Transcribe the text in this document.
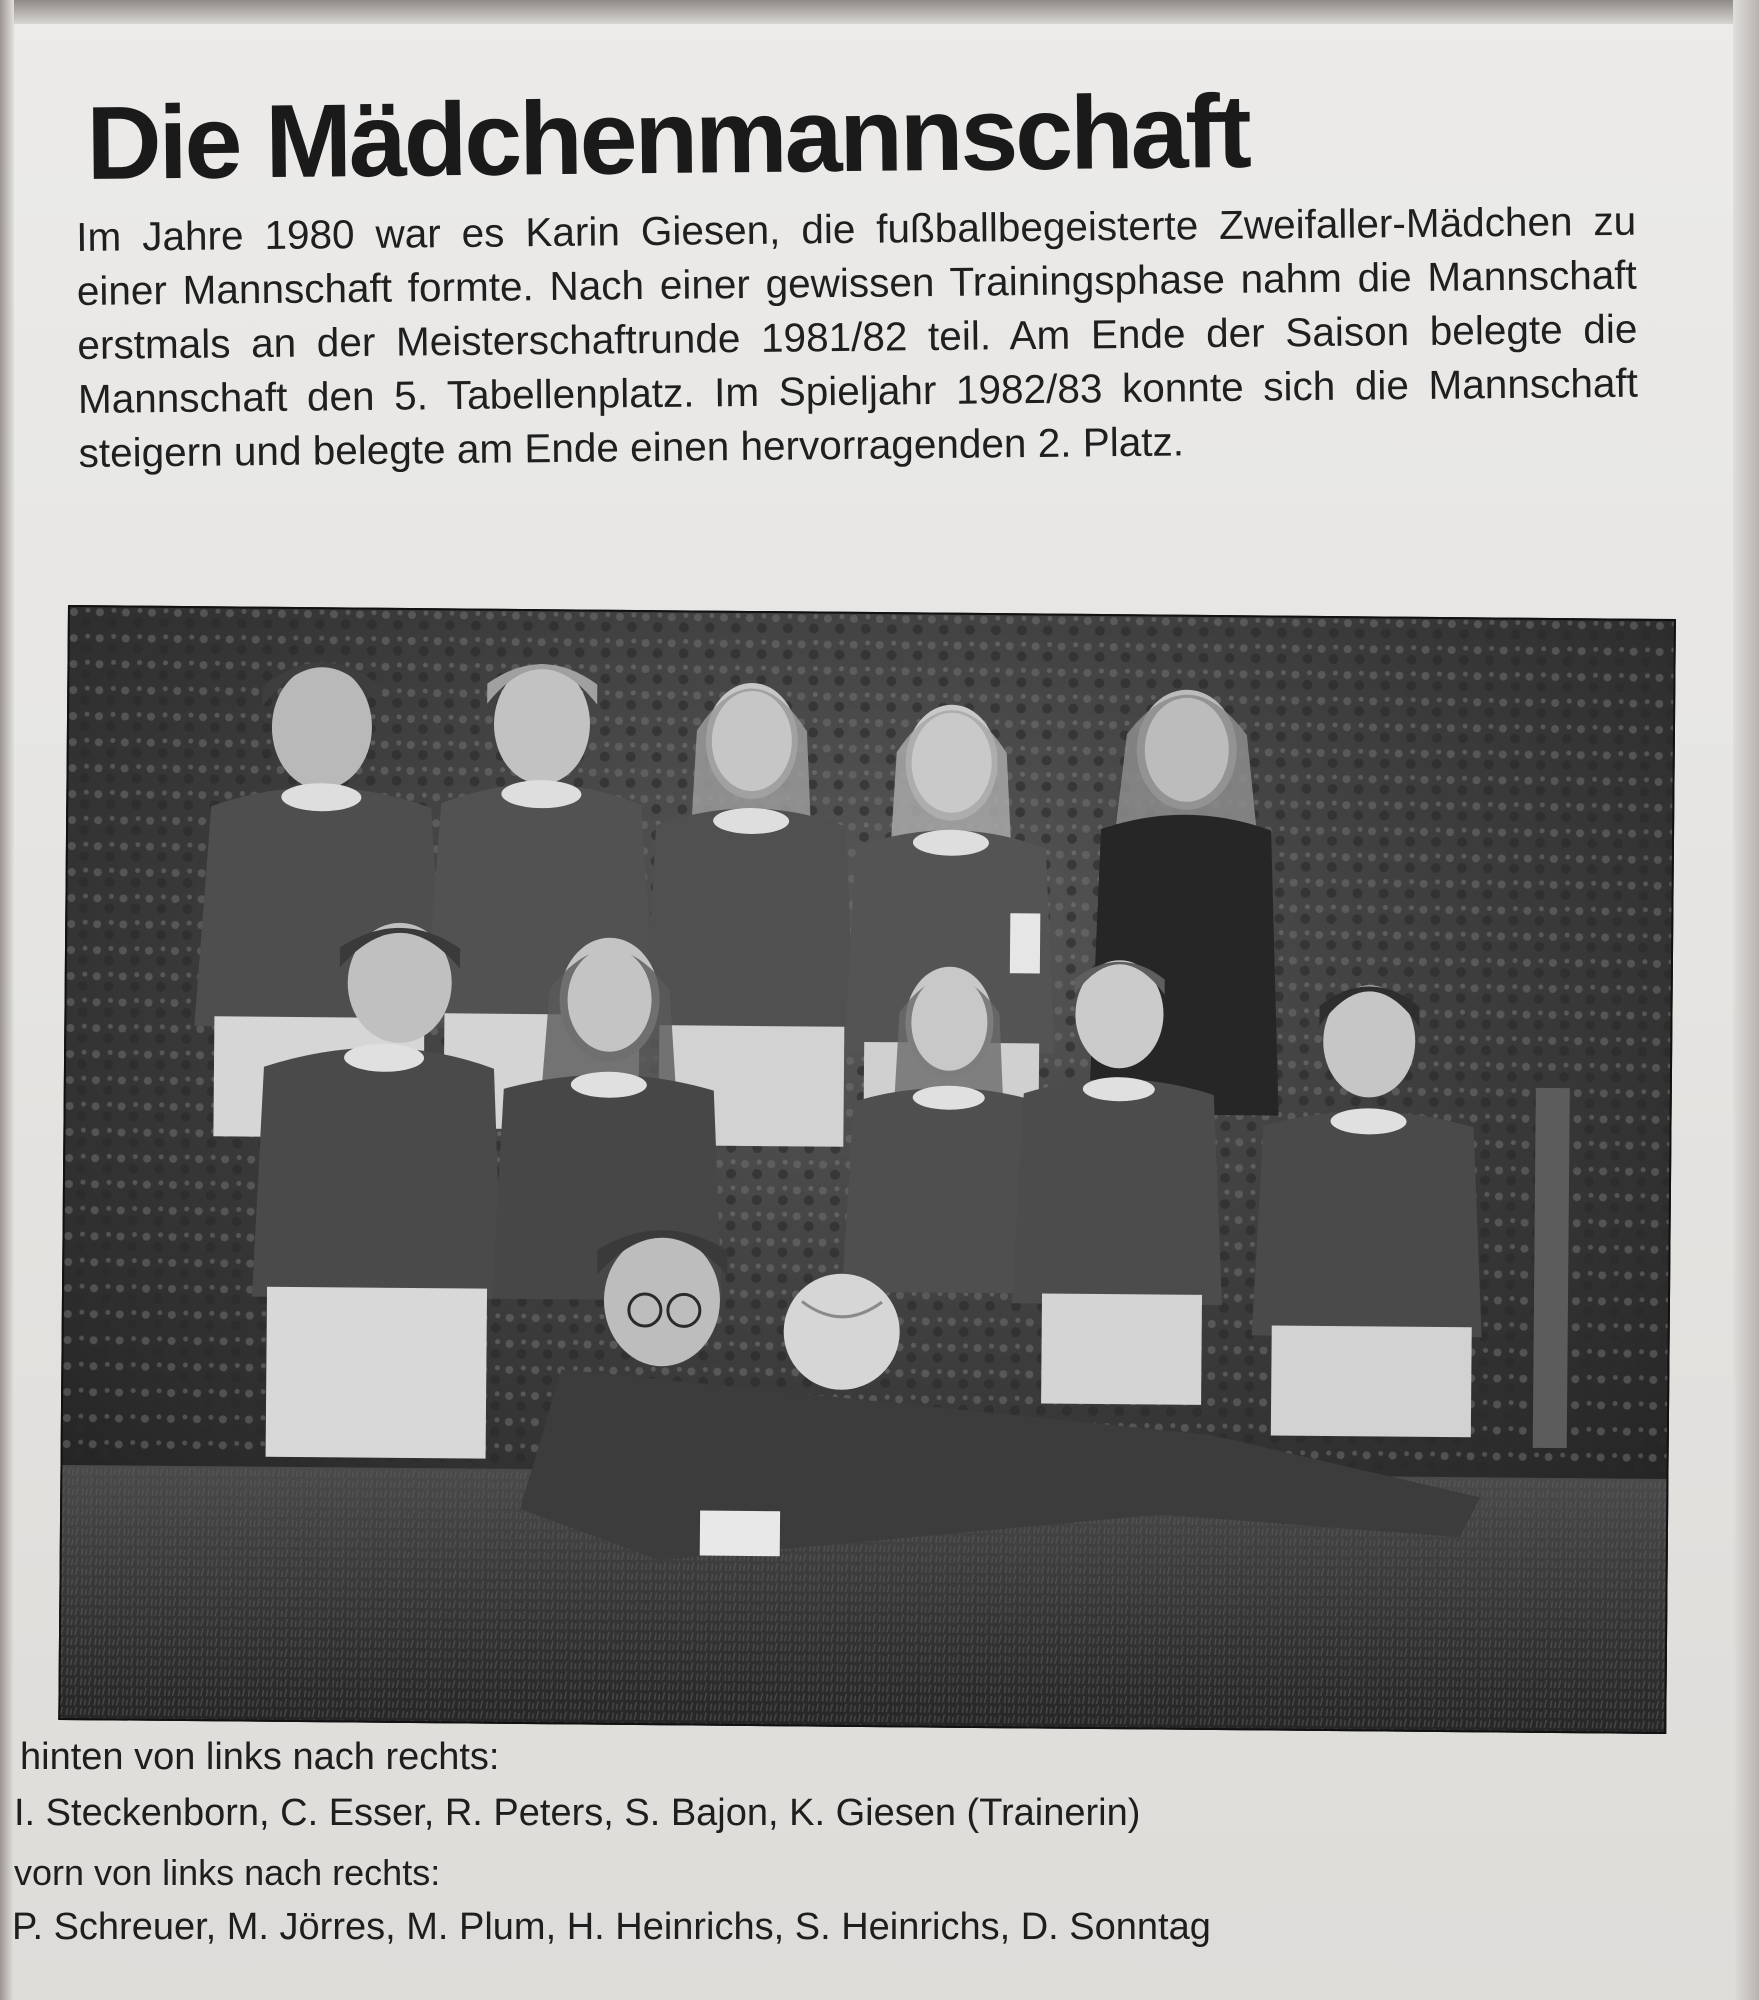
Die Mädchenmannschaft

Im Jahre 1980 war es Karin Giesen, die fußballbegeisterte Zweifaller-Mädchen zu einer Mannschaft formte. Nach einer gewissen Trainingsphase nahm die Mannschaft erstmals an der Meisterschaftrunde 1981/82 teil. Am Ende der Saison belegte die Mannschaft den 5. Tabellenplatz. Im Spieljahr 1982/83 konnte sich die Mannschaft steigern und belegte am Ende einen hervorragenden 2. Platz.

hinten von links nach rechts:

I. Steckenborn, C. Esser, R. Peters, S. Bajon, K. Giesen (Trainerin)

vorn von links nach rechts:

P. Schreuer, M. Jörres, M. Plum, H. Heinrichs, S. Heinrichs, D. Sonntag
